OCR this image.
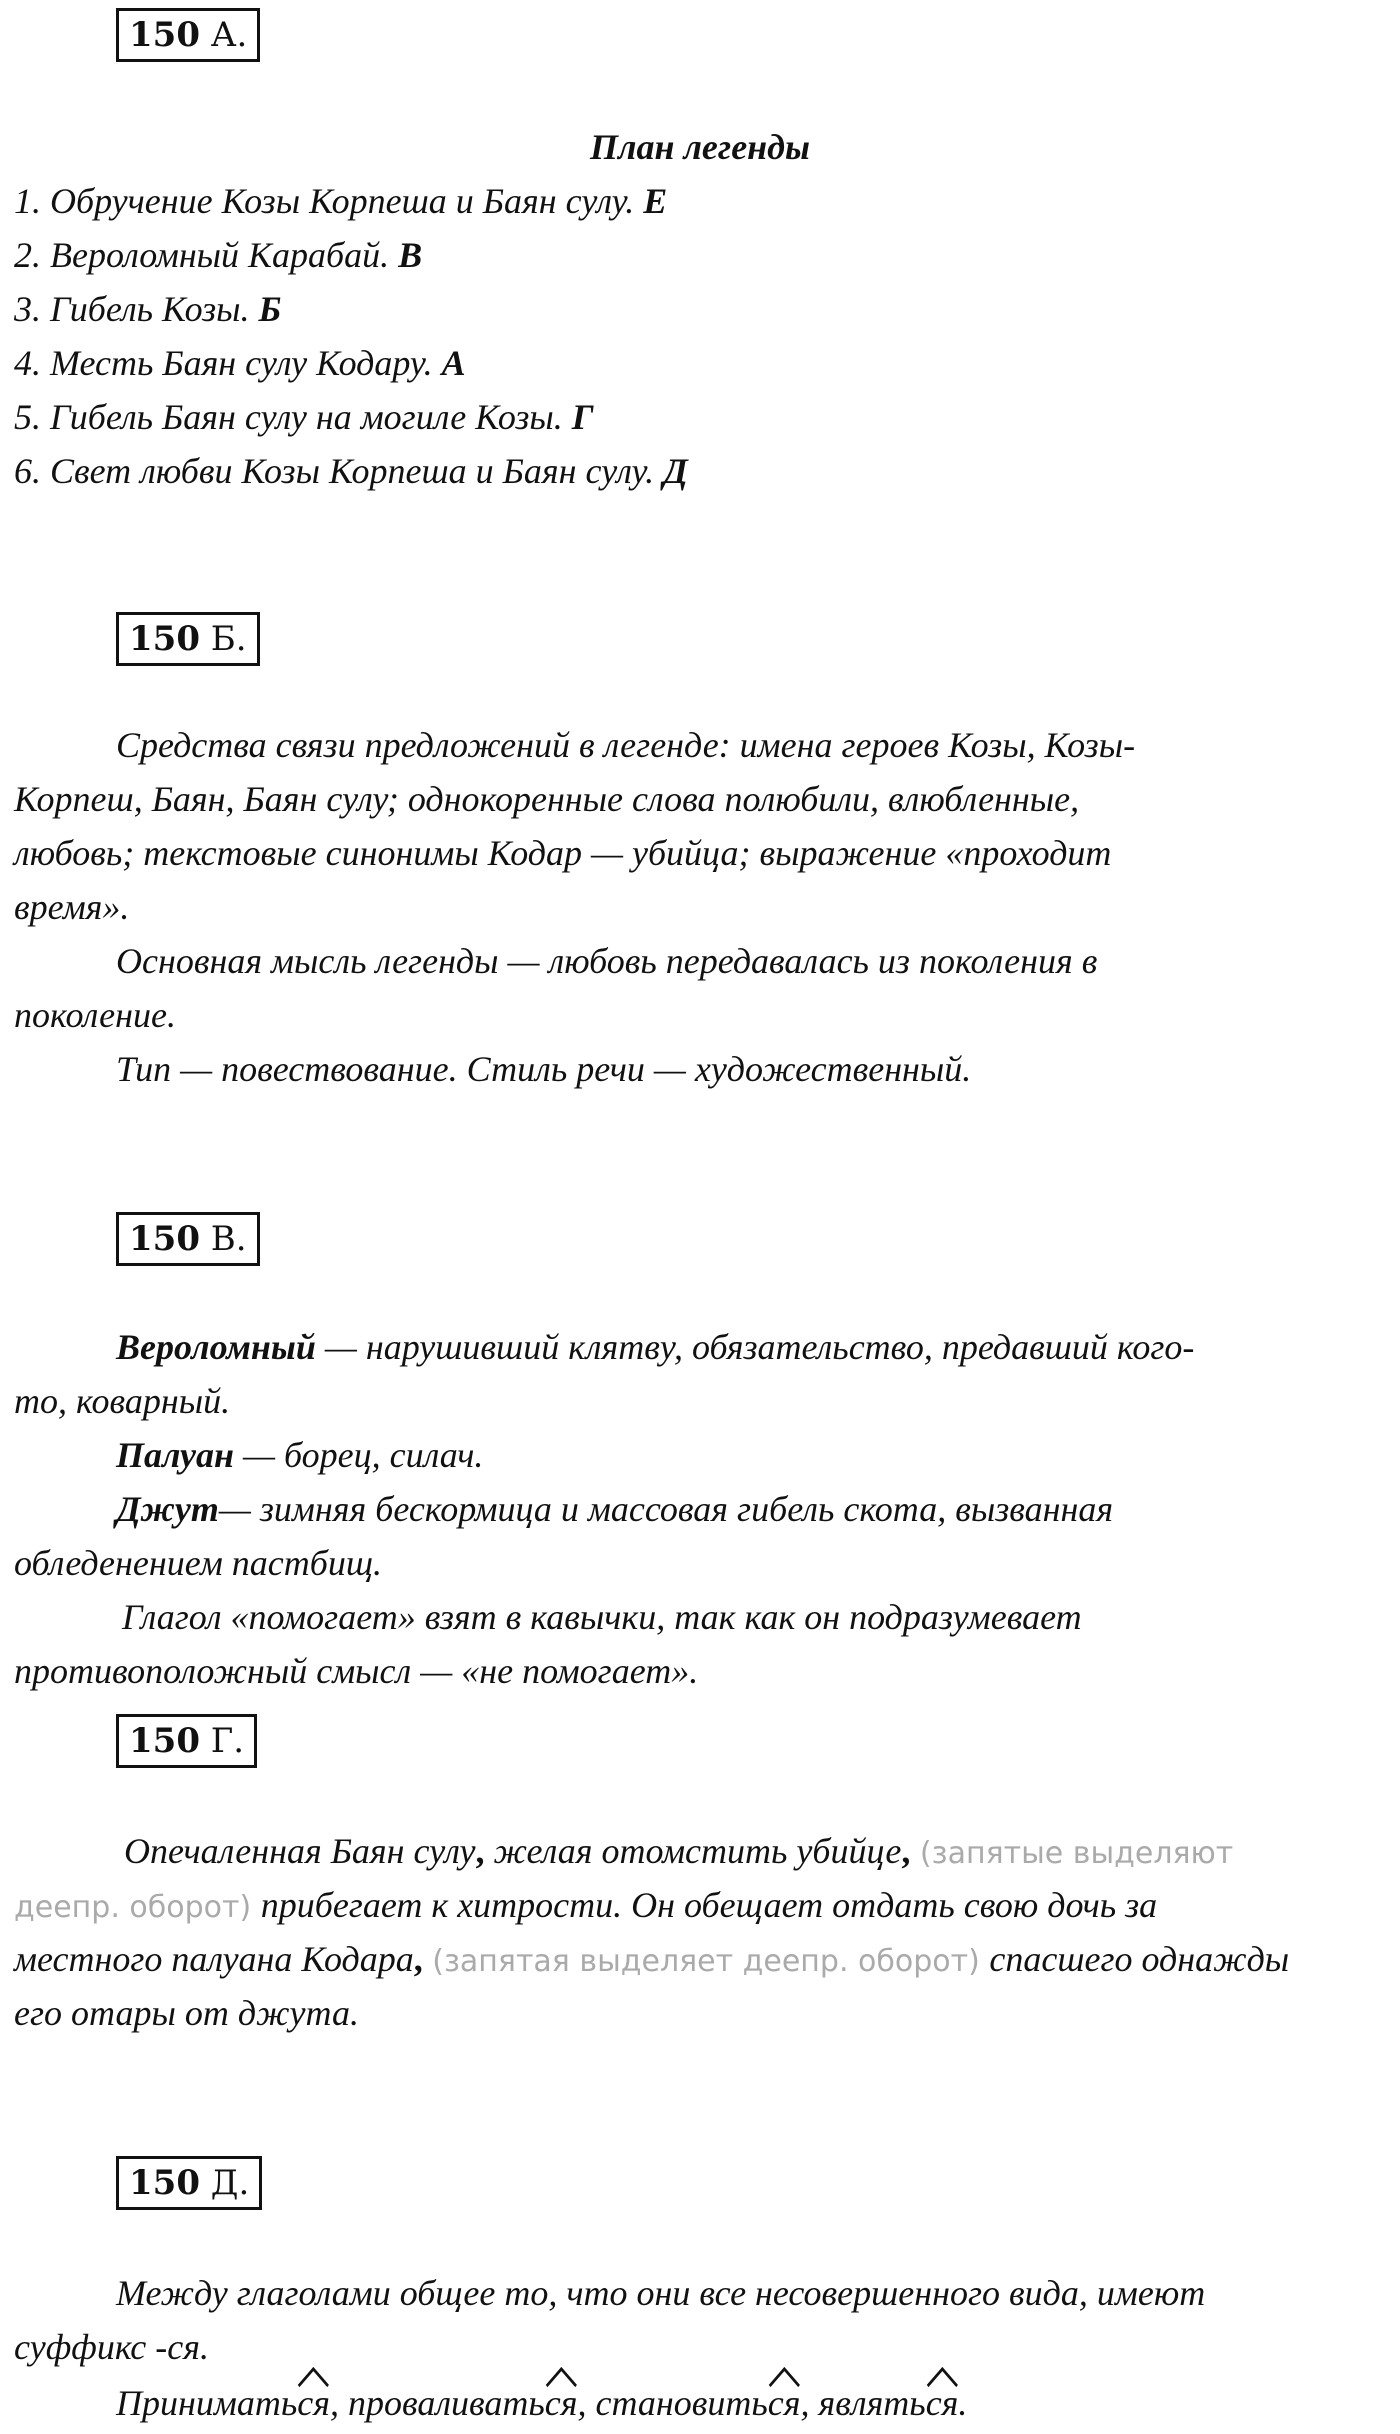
150 А.
План легенды
1. Обручение Козы Корпеша и Баян сулу. Е
2. Вероломный Карабай. В
3. Гибель Козы. Б
4. Месть Баян сулу Кодару. А
5. Гибель Баян сулу на могиле Козы. Г
6. Свет любви Козы Корпеша и Баян сулу. Д
150 Б.
Средства связи предложений в легенде: имена героев Козы, Козы-
Корпеш, Баян, Баян сулу; однокоренные слова полюбили, влюбленные,
любовь; текстовые синонимы Кодар — убийца; выражение «проходит
время».
Основная мысль легенды — любовь передавалась из поколения в
поколение.
Тип — повествование. Стиль речи — художественный.
150 В.
Вероломный — нарушивший клятву, обязательство, предавший кого-
то, коварный.
Палуан — борец, силач.
Джут— зимняя бескормица и массовая гибель скота, вызванная
обледенением пастбищ.
Глагол «помогает» взят в кавычки, так как он подразумевает
противоположный смысл — «не помогает».
150 Г.
Опечаленная Баян сулу, желая отомстить убийце, (запятые выделяют
деепр. оборот) прибегает к хитрости. Он обещает отдать свою дочь за
местного палуана Кодара, (запятая выделяет деепр. оборот) спасшего однажды
его отары от джута.
150 Д.
Между глаголами общее то, что они все несовершенного вида, имеют
суффикс -ся.
Принимать
ся, проваливать
ся, становить
ся, являть
ся.
